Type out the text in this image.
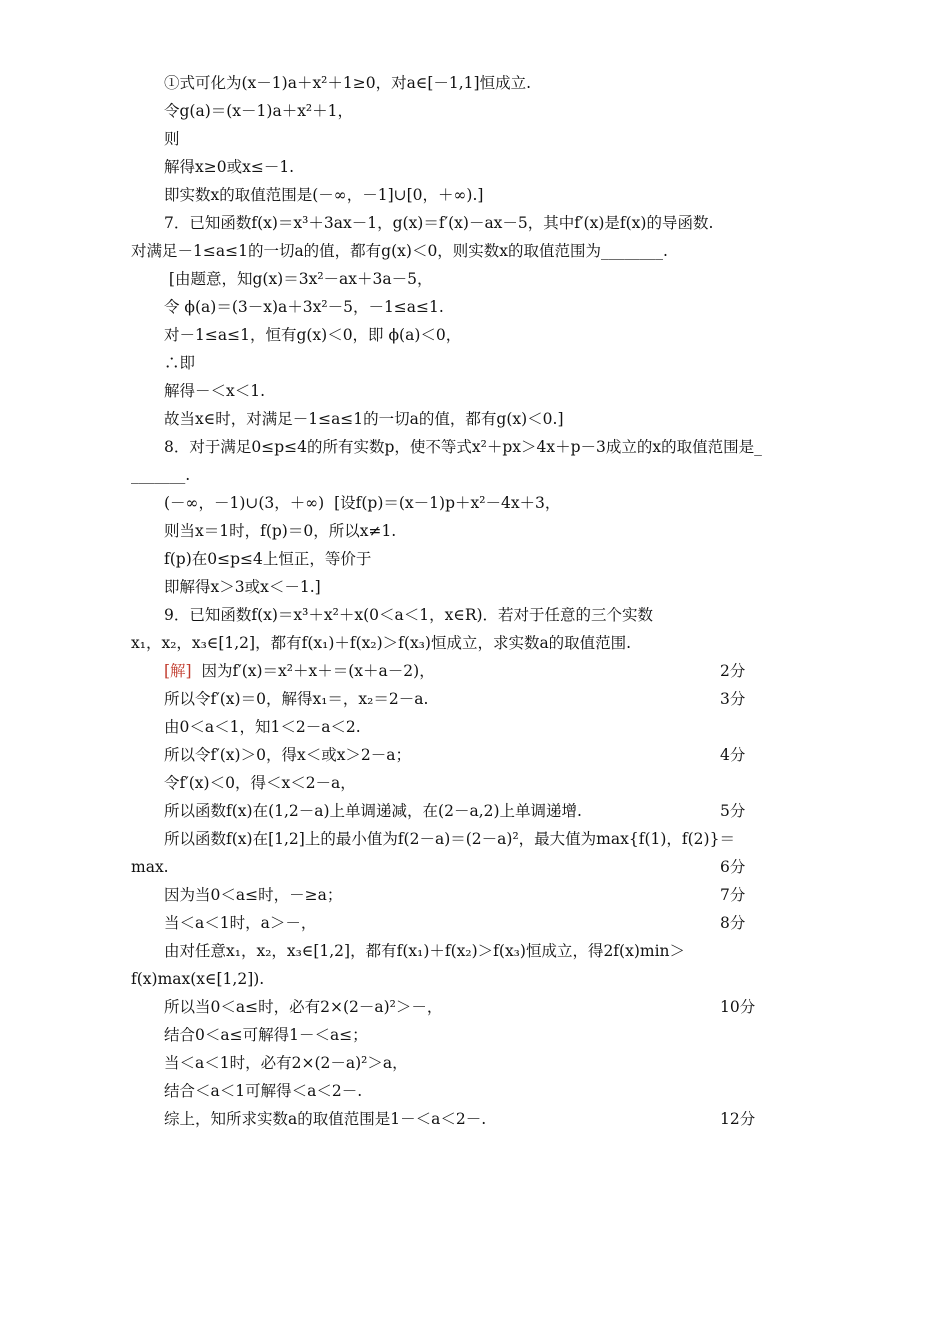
①式可化为(x－1)a＋x²＋1≥0，对a∈[－1,1]恒成立.
令g(a)＝(x－1)a＋x²＋1，
则
解得x≥0或x≤－1.
即实数x的取值范围是(－∞，－1]∪[0，＋∞).]
7．已知函数f(x)＝x³＋3ax－1，g(x)＝f′(x)－ax－5，其中f′(x)是f(x)的导函数.
对满足－1≤a≤1的一切a的值，都有g(x)＜0，则实数x的取值范围为________.
[由题意，知g(x)＝3x²－ax＋3a－5，
令 ϕ(a)＝(3－x)a＋3x²－5，－1≤a≤1.
对－1≤a≤1，恒有g(x)＜0，即 ϕ(a)＜0，
∴即
解得－＜x＜1.
故当x∈时，对满足－1≤a≤1的一切a的值，都有g(x)＜0.]
8．对于满足0≤p≤4的所有实数p，使不等式x²＋px＞4x＋p－3成立的x的取值范围是_
_______.
(－∞，－1)∪(3，＋∞)  [设f(p)＝(x－1)p＋x²－4x＋3，
则当x＝1时，f(p)＝0，所以x≠1.
f(p)在0≤p≤4上恒正，等价于
即解得x＞3或x＜－1.]
9．已知函数f(x)＝x³＋x²＋x(0＜a＜1，x∈R)．若对于任意的三个实数
x₁，x₂，x₃∈[1,2]，都有f(x₁)＋f(x₂)＞f(x₃)恒成立，求实数a的取值范围.
[解]  因为f′(x)＝x²＋x＋＝(x＋a－2)，	2分
所以令f′(x)＝0，解得x₁＝，x₂＝2－a.	3分
由0＜a＜1，知1＜2－a＜2.
所以令f′(x)＞0，得x＜或x＞2－a；	4分
令f′(x)＜0，得＜x＜2－a，
所以函数f(x)在(1,2－a)上单调递减，在(2－a,2)上单调递增.	5分
所以函数f(x)在[1,2]上的最小值为f(2－a)＝(2－a)²，最大值为max{f(1)，f(2)}＝
max.	6分
因为当0＜a≤时，－≥a；	7分
当＜a＜1时，a＞－，	8分
由对任意x₁，x₂，x₃∈[1,2]，都有f(x₁)＋f(x₂)＞f(x₃)恒成立，得2f(x)min＞
f(x)max(x∈[1,2]).
所以当0＜a≤时，必有2×(2－a)²＞－，	10分
结合0＜a≤可解得1－＜a≤；
当＜a＜1时，必有2×(2－a)²＞a，
结合＜a＜1可解得＜a＜2－.
综上，知所求实数a的取值范围是1－＜a＜2－.	12分
